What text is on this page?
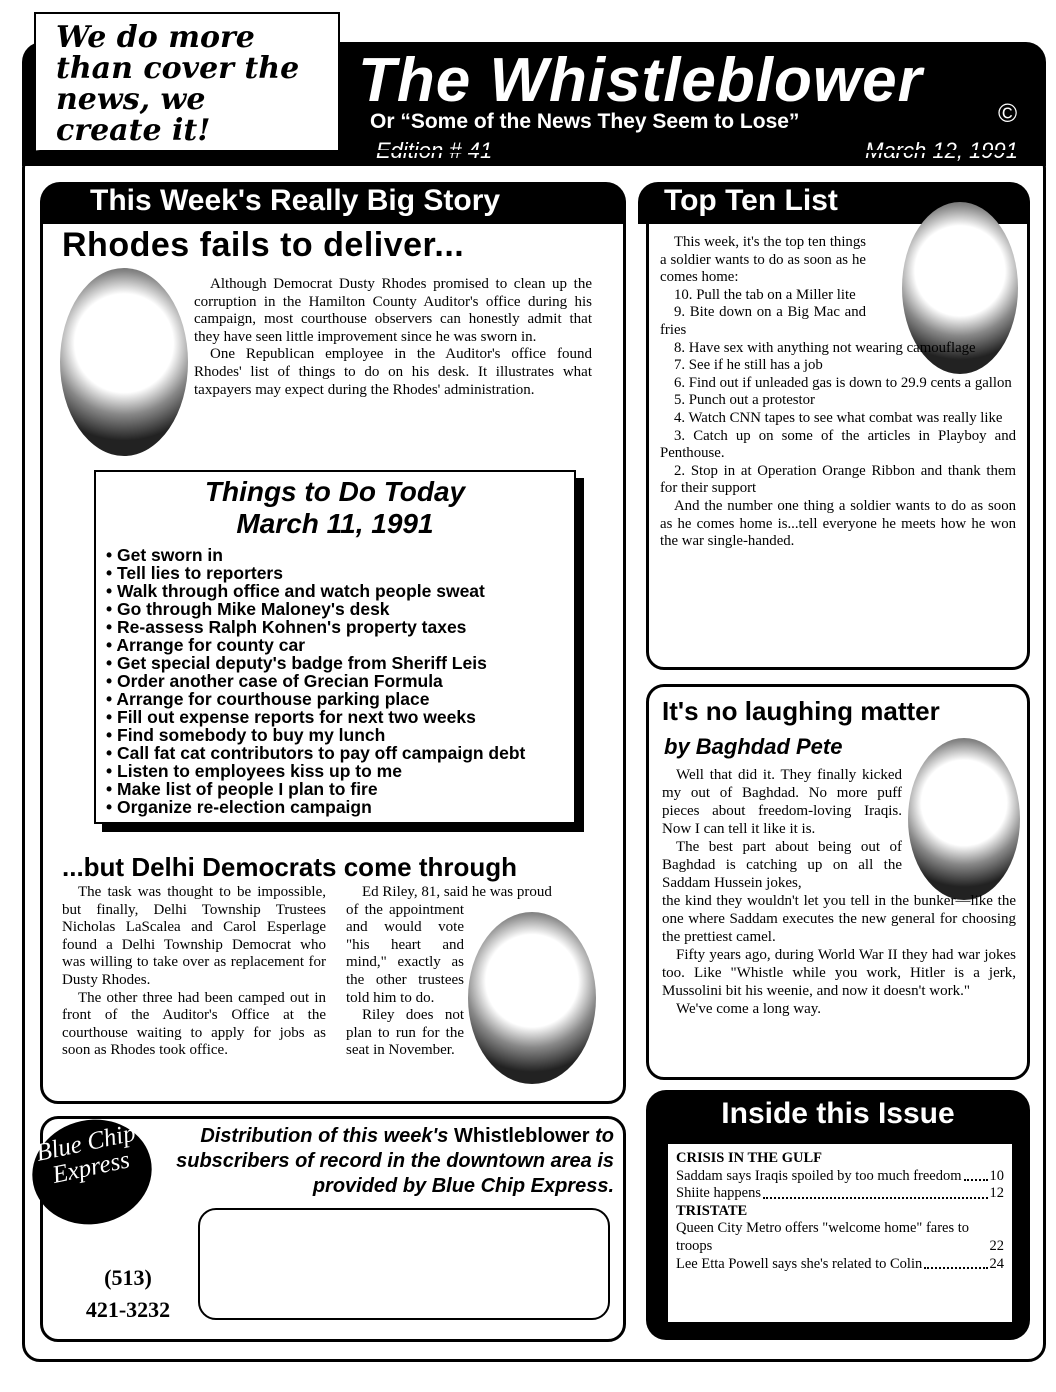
We do more than cover the news, we create it!
The Whistleblower	©
Or “Some of the News They Seem to Lose”
Edition # 41	March 12, 1991
This Week's Really Big Story
Rhodes fails to deliver...

Although Democrat Dusty Rhodes promised to clean up the corruption in the Hamilton County Auditor's office during his campaign, most courthouse observers can honestly admit that they have seen little improvement since he was sworn in.

One Republican employee in the Auditor's office found Rhodes' list of things to do on his desk. It illustrates what taxpayers may expect during the Rhodes' administration.

Things to Do Today
March 11, 1991
• Get sworn in
• Tell lies to reporters
• Walk through office and watch people sweat
• Go through Mike Maloney's desk
• Re-assess Ralph Kohnen's property taxes
• Arrange for county car
• Get special deputy's badge from Sheriff Leis
• Order another case of Grecian Formula
• Arrange for courthouse parking place
• Fill out expense reports for next two weeks
• Find somebody to buy my lunch
• Call fat cat contributors to pay off campaign debt
• Listen to employees kiss up to me
• Make list of people I plan to fire
• Organize re-election campaign
...but Delhi Democrats come through

The task was thought to be impossible, but finally, Delhi Township Trustees Nicholas LaScalea and Carol Esperlage found a Delhi Township Democrat who was willing to take over as replacement for Dusty Rhodes.

The other three had been camped out in front of the Auditor's Office at the courthouse waiting to apply for jobs as soon as Rhodes took office.

Ed Riley, 81, said he was proud

of the appointment and would vote "his heart and mind," exactly as the other trustees told him to do.

Riley does not plan to run for the seat in November.

Top Ten List

This week, it's the top ten things a soldier wants to do as soon as he comes home:

10. Pull the tab on a Miller lite

9. Bite down on a Big Mac and fries

8. Have sex with anything not wearing camouflage

7. See if he still has a job

6. Find out if unleaded gas is down to 29.9 cents a gallon

5. Punch out a protestor

4. Watch CNN tapes to see what combat was really like

3. Catch up on some of the articles in Playboy and Penthouse.

2. Stop in at Operation Orange Ribbon and thank them for their support

And the number one thing a soldier wants to do as soon as he comes home is...tell everyone he meets how he won the war single-handed.

It's no laughing matter
by Baghdad Pete

Well that did it. They finally kicked my out of Baghdad. No more puff pieces about freedom-loving Iraqis. Now I can tell it like it is.

The best part about being out of Baghdad is catching up on all the Saddam Hussein jokes,

the kind they wouldn't let you tell in the bunker—like the one where Saddam executes the new general for choosing the prettiest camel.

Fifty years ago, during World War II they had war jokes too. Like "Whistle while you work, Hitler is a jerk, Mussolini bit his weenie, and now it doesn't work."

We've come a long way.

Inside this Issue
CRISIS IN THE GULF
Saddam says Iraqis spoiled by too much freedom 10
Shiite happens	12
TRISTATE
Queen City Metro offers "welcome home" fares to troops	22
Lee Etta Powell says she's related to Colin	24
Blue Chip Express
Distribution of this week's Whistleblower to subscribers of record in the downtown area is provided by Blue Chip Express.
(513)
421-3232
